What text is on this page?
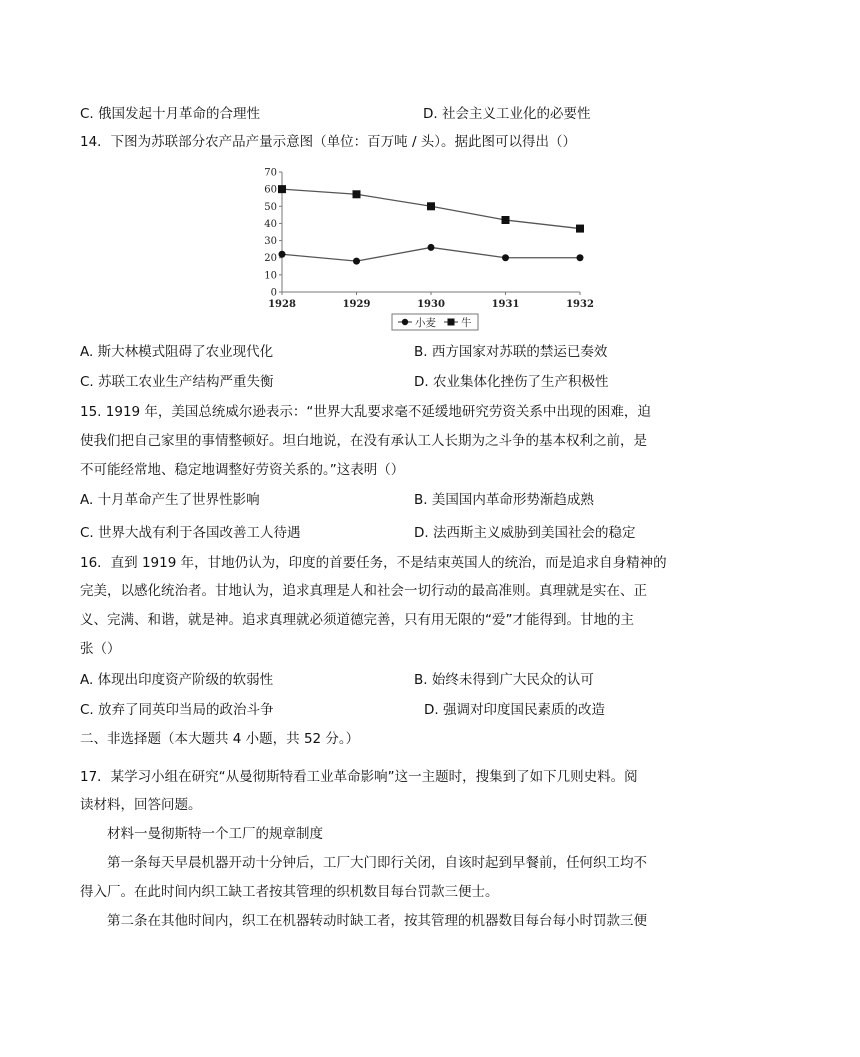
C. 俄国发起十月革命的合理性	D. 社会主义工业化的必要性
14．下图为苏联部分农产品产量示意图（单位：百万吨 / 头）。据此图可以得出（）
0
10
20
30
40
50
60
70
1928	1929	1930	1931	1932
小麦 牛
A. 斯大林模式阻碍了农业现代化	B. 西方国家对苏联的禁运已奏效
C. 苏联工农业生产结构严重失衡	D. 农业集体化挫伤了生产积极性
15. 1919 年，美国总统威尔逊表示：“世界大乱要求毫不延缓地研究劳资关系中出现的困难，迫
使我们把自己家里的事情整顿好。坦白地说，在没有承认工人长期为之斗争的基本权利之前，是
不可能经常地、稳定地调整好劳资关系的。”这表明（）
A. 十月革命产生了世界性影响	B. 美国国内革命形势渐趋成熟
C. 世界大战有利于各国改善工人待遇	D. 法西斯主义威胁到美国社会的稳定
16．直到 1919 年，甘地仍认为，印度的首要任务，不是结束英国人的统治，而是追求自身精神的
完美，以感化统治者。甘地认为，追求真理是人和社会一切行动的最高准则。真理就是实在、正
义、完满、和谐，就是神。追求真理就必须道德完善，只有用无限的“爱”才能得到。甘地的主
张（）
A. 体现出印度资产阶级的软弱性	B. 始终未得到广大民众的认可
C. 放弃了同英印当局的政治斗争	D. 强调对印度国民素质的改造
二、非选择题（本大题共 4 小题，共 52 分。）
17．某学习小组在研究“从曼彻斯特看工业革命影响”这一主题时，搜集到了如下几则史料。阅
读材料，回答问题。
材料一曼彻斯特一个工厂的规章制度
第一条每天早晨机器开动十分钟后，工厂大门即行关闭，自该时起到早餐前，任何织工均不
得入厂。在此时间内织工缺工者按其管理的织机数目每台罚款三便士。
第二条在其他时间内，织工在机器转动时缺工者，按其管理的机器数目每台每小时罚款三便
